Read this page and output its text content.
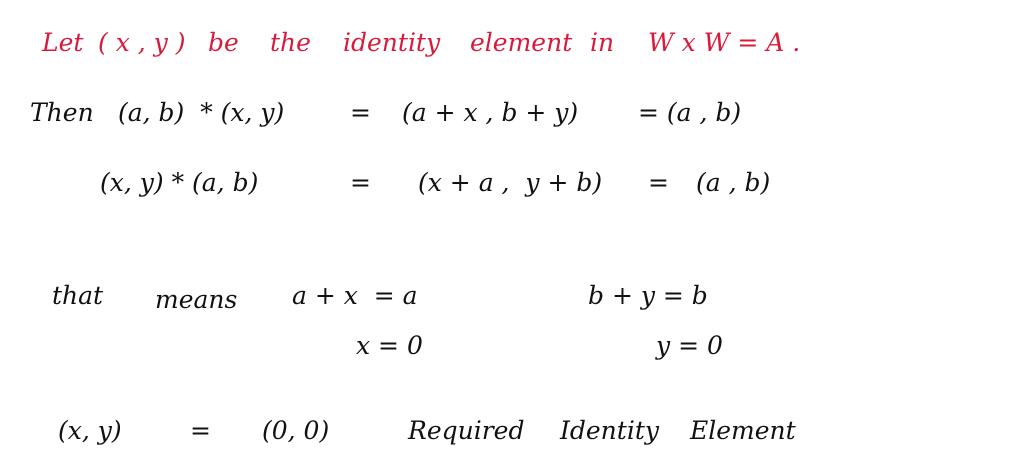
Let ( x , y ) be the identity element in W x W = A .
Then (a, b)  * (x, y)	= (a + x , b + y) = (a , b)
(x, y) * (a, b)	= (x + a ,  y + b) = (a , b)
that means a + x  = a	b + y = b
x = 0	y = 0
(x, y)	= (0, 0)	Required Identity Element
